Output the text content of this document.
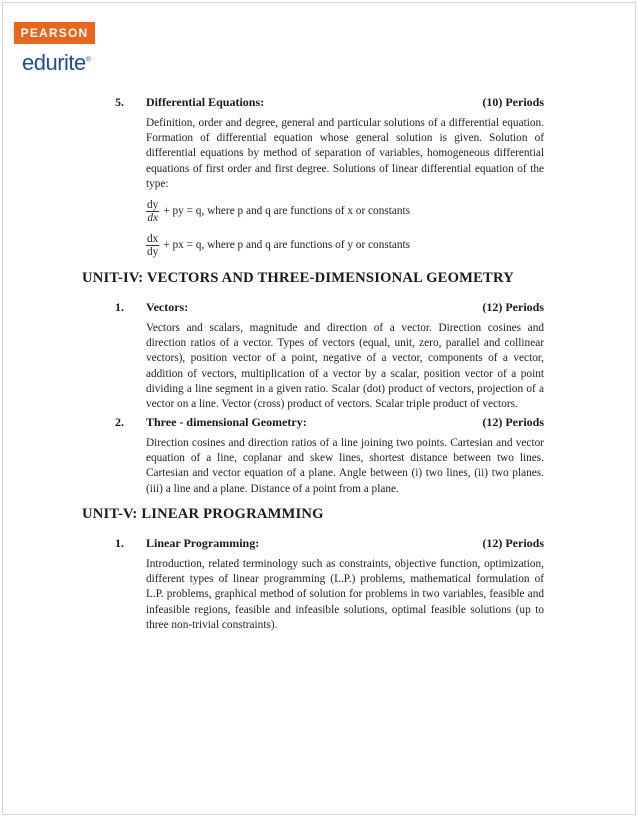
PEARSON
edurite®
5. Differential Equations:	(10) Periods

Definition, order and degree, general and particular solutions of a differential equation. Formation of differential equation whose general solution is given. Solution of differential equations by method of separation of variables, homogeneous differential equations of first order and first degree. Solutions of linear differential equation of the type:

$\frac{dy}{dx}$ + py = q, where p and q are functions of x or constants
$\frac{dx}{dy}$ + px = q, where p and q are functions of y or constants
UNIT-IV: VECTORS AND THREE-DIMENSIONAL GEOMETRY
1. Vectors:	(12) Periods

Vectors and scalars, magnitude and direction of a vector. Direction cosines and direction ratios of a vector. Types of vectors (equal, unit, zero, parallel and collinear vectors), position vector of a point, negative of a vector, components of a vector, addition of vectors, multiplication of a vector by a scalar, position vector of a point dividing a line segment in a given ratio. Scalar (dot) product of vectors, projection of a vector on a line. Vector (cross) product of vectors. Scalar triple product of vectors.

2. Three - dimensional Geometry:	(12) Periods

Direction cosines and direction ratios of a line joining two points. Cartesian and vector equation of a line, coplanar and skew lines, shortest distance between two lines. Cartesian and vector equation of a plane. Angle between (i) two lines, (ii) two planes. (iii) a line and a plane. Distance of a point from a plane.

UNIT-V: LINEAR PROGRAMMING
1. Linear Programming:	(12) Periods

Introduction, related terminology such as constraints, objective function, optimization, different types of linear programming (L.P.) problems, mathematical formulation of L.P. problems, graphical method of solution for problems in two variables, feasible and infeasible regions, feasible and infeasible solutions, optimal feasible solutions (up to three non-trivial constraints).
